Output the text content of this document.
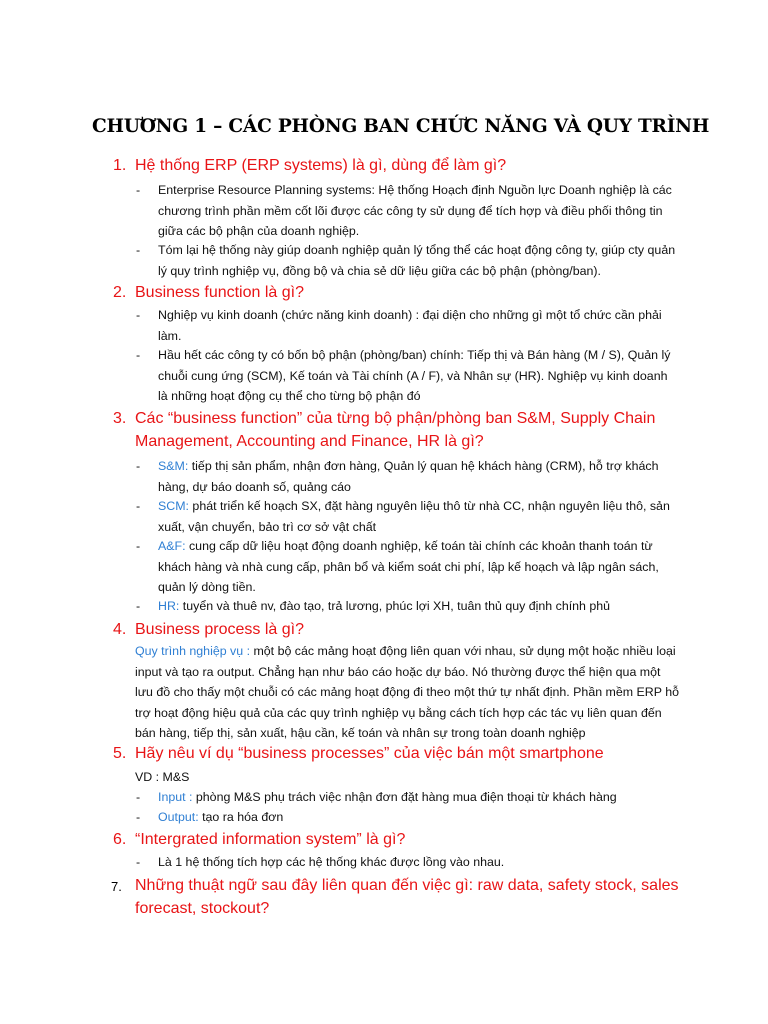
CHƯƠNG 1 – CÁC PHÒNG BAN CHỨC NĂNG VÀ QUY TRÌNH

1. Hệ thống ERP (ERP systems) là gì, dùng để làm gì?

- Enterprise Resource Planning systems: Hệ thống Hoạch định Nguồn lực Doanh nghiệp là các chương trình phần mềm cốt lõi được các công ty sử dụng để tích hợp và điều phối thông tin giữa các bộ phận của doanh nghiệp.

- Tóm lại hệ thống này giúp doanh nghiệp quản lý tổng thể các hoạt động công ty, giúp cty quản lý quy trình nghiệp vụ, đồng bộ và chia sẻ dữ liệu giữa các bộ phận (phòng/ban).

2. Business function là gì?

- Nghiệp vụ kinh doanh (chức năng kinh doanh) : đại diện cho những gì một tổ chức cần phải làm.

- Hầu hết các công ty có bốn bộ phận (phòng/ban) chính: Tiếp thị và Bán hàng (M / S), Quản lý chuỗi cung ứng (SCM), Kế toán và Tài chính (A / F), và Nhân sự (HR). Nghiệp vụ kinh doanh là những hoạt động cụ thể cho từng bộ phận đó

3. Các “business function” của từng bộ phận/phòng ban S&M, Supply Chain Management, Accounting and Finance, HR là gì?

- S&M: tiếp thị sản phẩm, nhận đơn hàng, Quản lý quan hệ khách hàng (CRM), hỗ trợ khách hàng, dự báo doanh số, quảng cáo

- SCM: phát triển kế hoạch SX, đặt hàng nguyên liệu thô từ nhà CC, nhận nguyên liệu thô, sản xuất, vận chuyển, bảo trì cơ sở vật chất

- A&F: cung cấp dữ liệu hoạt động doanh nghiệp, kế toán tài chính các khoản thanh toán từ khách hàng và nhà cung cấp, phân bổ và kiểm soát chi phí, lập kế hoạch và lập ngân sách, quản lý dòng tiền.

- HR: tuyển và thuê nv, đào tạo, trả lương, phúc lợi XH, tuân thủ quy định chính phủ

4. Business process là gì?

Quy trình nghiệp vụ : một bộ các mảng hoạt động liên quan với nhau, sử dụng một hoặc nhiều loại input và tạo ra output. Chẳng hạn như báo cáo hoặc dự báo. Nó thường được thể hiện qua một lưu đồ cho thấy một chuỗi có các mảng hoạt động đi theo một thứ tự nhất định. Phần mềm ERP hỗ trợ hoạt động hiệu quả của các quy trình nghiệp vụ bằng cách tích hợp các tác vụ liên quan đến bán hàng, tiếp thị, sản xuất, hậu cần, kế toán và nhân sự trong toàn doanh nghiệp

5. Hãy nêu ví dụ “business processes” của việc bán một smartphone

VD : M&S

- Input : phòng M&S phụ trách việc nhận đơn đặt hàng mua điện thoại từ khách hàng

- Output: tạo ra hóa đơn

6. “Intergrated information system” là gì?

- Là 1 hệ thống tích hợp các hệ thống khác được lồng vào nhau.

7. Những thuật ngữ sau đây liên quan đến việc gì: raw data, safety stock, sales forecast, stockout?
